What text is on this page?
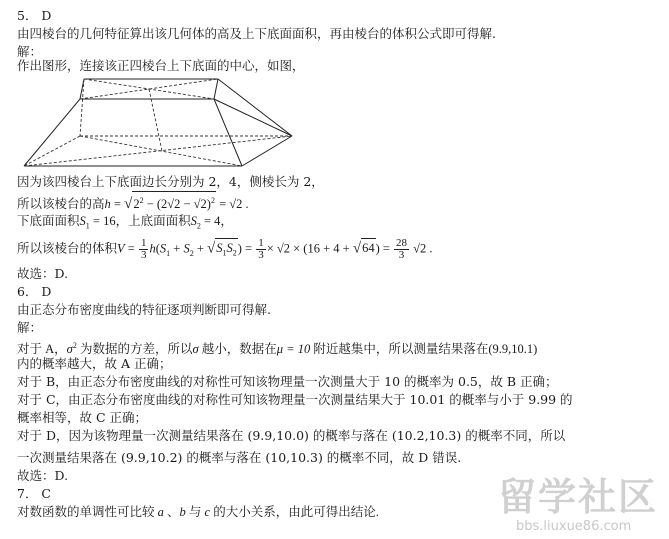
5． D
由四棱台的几何特征算出该几何体的高及上下底面面积，再由棱台的体积公式即可得解.
解：
作出图形，连接该正四棱台上下底面的中心，如图，
因为该四棱台上下底面边长分别为 2，4，侧棱长为 2，
所以该棱台的高$h = √2^2 - (2√2 - √2)^2 = √2$ .
下底面面积$S_1 = 16$，上底面面积$S_2 = 4$，
所以该棱台的体积$V = \frac{1}{3} h(S_1 + S_2 + √S_1S_2) = \frac{1}{3} \times √2 \times (16 + 4 + √64) = \frac{28}{3} √2$ .
故选：D.
6． D
由正态分布密度曲线的特征逐项判断即可得解.
解：
对于 A，$\sigma^2$ 为数据的方差，所以σ 越小，数据在μ = 10 附近越集中，所以测量结果落在(9.9,10.1)
内的概率越大，故 A 正确；
对于 B，由正态分布密度曲线的对称性可知该物理量一次测量大于 10 的概率为 0.5，故 B 正确；
对于 C，由正态分布密度曲线的对称性可知该物理量一次测量结果大于 10.01 的概率与小于 9.99 的
概率相等，故 C 正确；
对于 D，因为该物理量一次测量结果落在 (9.9,10.0) 的概率与落在 (10.2,10.3) 的概率不同，所以
一次测量结果落在 (9.9,10.2) 的概率与落在 (10,10.3) 的概率不同，故 D 错误.
故选：D.
7． C
对数函数的单调性可比较 a 、b 与 c 的大小关系，由此可得出结论.	留学社区
bbs.liuxue86.com
